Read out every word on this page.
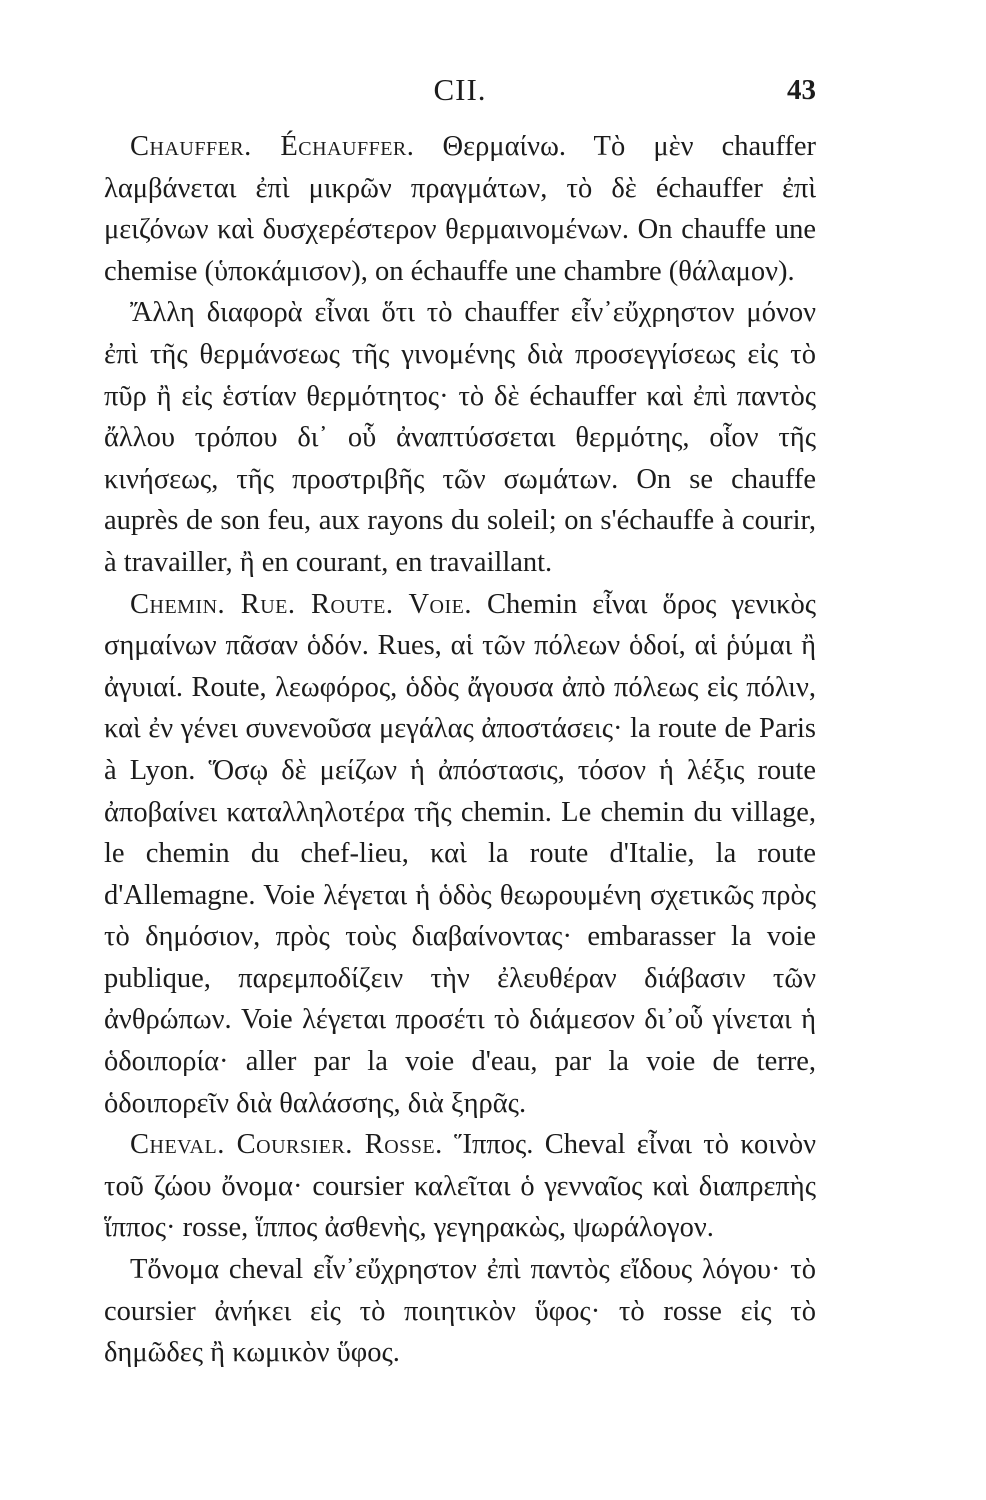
CII.	43

Chauffer. Échauffer. Θερμαίνω. Τὸ μὲν chauffer λαμβάνεται ἐπὶ μικρῶν πραγμάτων, τὸ δὲ échauffer ἐπὶ μειζόνων καὶ δυσχερέστερον θερμαινομένων. On chauffe une chemise (ὑποκάμισον), on échauffe une chambre (θάλαμον).

Ἄλλη διαφορὰ εἶναι ὅτι τὸ chauffer εἶν᾽εὔχρηστον μόνον ἐπὶ τῆς θερμάνσεως τῆς γινομένης διὰ προσεγγίσεως εἰς τὸ πῦρ ἢ εἰς ἑστίαν θερμότητος· τὸ δὲ échauffer καὶ ἐπὶ παντὸς ἄλλου τρόπου δι᾽ οὗ ἀναπτύσσεται θερμότης, οἷον τῆς κινήσεως, τῆς προστριβῆς τῶν σωμάτων. On se chauffe auprès de son feu, aux rayons du soleil; on s'échauffe à courir, à travailler, ἢ en courant, en travaillant.

Chemin. Rue. Route. Voie. Chemin εἶναι ὅρος γενικὸς σημαίνων πᾶσαν ὁδόν. Rues, αἱ τῶν πόλεων ὁδοί, αἱ ῥύμαι ἢ ἀγυιαί. Route, λεωφόρος, ὁδὸς ἄγουσα ἀπὸ πόλεως εἰς πόλιν, καὶ ἐν γένει συνενοῦσα μεγάλας ἀποστάσεις· la route de Paris à Lyon. Ὅσῳ δὲ μείζων ἡ ἀπόστασις, τόσον ἡ λέξις route ἀποβαίνει καταλληλοτέρα τῆς chemin. Le chemin du village, le chemin du chef-lieu, καὶ la route d'Italie, la route d'Allemagne. Voie λέγεται ἡ ὁδὸς θεωρουμένη σχετικῶς πρὸς τὸ δημόσιον, πρὸς τοὺς διαβαίνοντας· embarasser la voie publique, παρεμποδίζειν τὴν ἐλευθέραν διάβασιν τῶν ἀνθρώπων. Voie λέγεται προσέτι τὸ διάμεσον δι᾽οὗ γίνεται ἡ ὁδοιπορία· aller par la voie d'eau, par la voie de terre, ὁδοιπορεῖν διὰ θαλάσσης, διὰ ξηρᾶς.

Cheval. Coursier. Rosse. Ἵππος. Cheval εἶναι τὸ κοινὸν τοῦ ζώου ὄνομα· coursier καλεῖται ὁ γενναῖος καὶ διαπρεπὴς ἵππος· rosse, ἵππος ἀσθενὴς, γεγηρακὼς, ψωράλογον.

Τὄνομα cheval εἶν᾽εὔχρηστον ἐπὶ παντὸς εἴδους λόγου· τὸ coursier ἀνήκει εἰς τὸ ποιητικὸν ὕφος· τὸ rosse εἰς τὸ δημῶδες ἢ κωμικὸν ὕφος.
